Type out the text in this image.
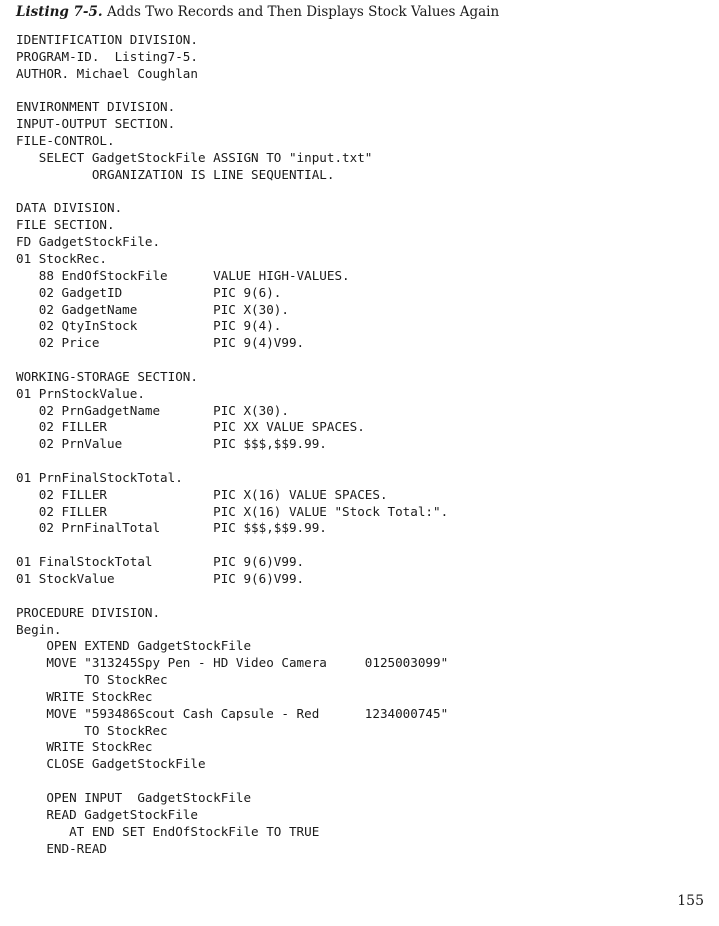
Listing 7-5. Adds Two Records and Then Displays Stock Values Again
IDENTIFICATION DIVISION.
PROGRAM-ID.  Listing7-5.
AUTHOR. Michael Coughlan
ENVIRONMENT DIVISION.
INPUT-OUTPUT SECTION.
FILE-CONTROL.
SELECT GadgetStockFile ASSIGN TO "input.txt"
ORGANIZATION IS LINE SEQUENTIAL.
DATA DIVISION.
FILE SECTION.
FD GadgetStockFile.
01 StockRec.
88 EndOfStockFile      VALUE HIGH-VALUES.
02 GadgetID            PIC 9(6).
02 GadgetName          PIC X(30).
02 QtyInStock          PIC 9(4).
02 Price               PIC 9(4)V99.
WORKING-STORAGE SECTION.
01 PrnStockValue.
02 PrnGadgetName       PIC X(30).
02 FILLER              PIC XX VALUE SPACES.
02 PrnValue            PIC $$$,$$9.99.
01 PrnFinalStockTotal.
02 FILLER              PIC X(16) VALUE SPACES.
02 FILLER              PIC X(16) VALUE "Stock Total:".
02 PrnFinalTotal       PIC $$$,$$9.99.
01 FinalStockTotal        PIC 9(6)V99.
01 StockValue             PIC 9(6)V99.
PROCEDURE DIVISION.
Begin.
OPEN EXTEND GadgetStockFile
MOVE "313245Spy Pen - HD Video Camera     0125003099"
TO StockRec
WRITE StockRec
MOVE "593486Scout Cash Capsule - Red      1234000745"
TO StockRec
WRITE StockRec
CLOSE GadgetStockFile
OPEN INPUT  GadgetStockFile
READ GadgetStockFile
AT END SET EndOfStockFile TO TRUE
END-READ
155
